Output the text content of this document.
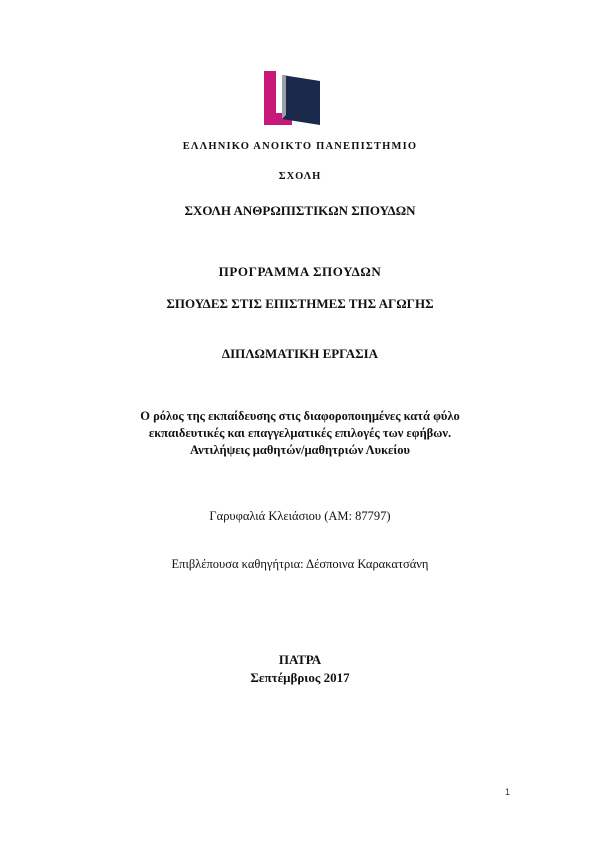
ΕΛΛΗΝΙΚΟ ΑΝΟΙΚΤΟ ΠΑΝΕΠΙΣΤΗΜΙΟ
ΣΧΟΛΗ
ΣΧΟΛΗ ΑΝΘΡΩΠΙΣΤΙΚΩΝ ΣΠΟΥΔΩΝ
ΠΡΟΓΡΑΜΜΑ ΣΠΟΥΔΩΝ
ΣΠΟΥΔΕΣ ΣΤΙΣ ΕΠΙΣΤΗΜΕΣ ΤΗΣ ΑΓΩΓΗΣ
ΔΙΠΛΩΜΑΤΙΚΗ ΕΡΓΑΣΙΑ
Ο ρόλος της εκπαίδευσης στις διαφοροποιημένες κατά φύλο
εκπαιδευτικές και επαγγελματικές επιλογές των εφήβων.
Αντιλήψεις μαθητών/μαθητριών Λυκείου
Γαρυφαλιά Κλειάσιου (ΑΜ: 87797)
Επιβλέπουσα καθηγήτρια: Δέσποινα Καρακατσάνη
ΠΑΤΡΑ
Σεπτέμβριος 2017
1
